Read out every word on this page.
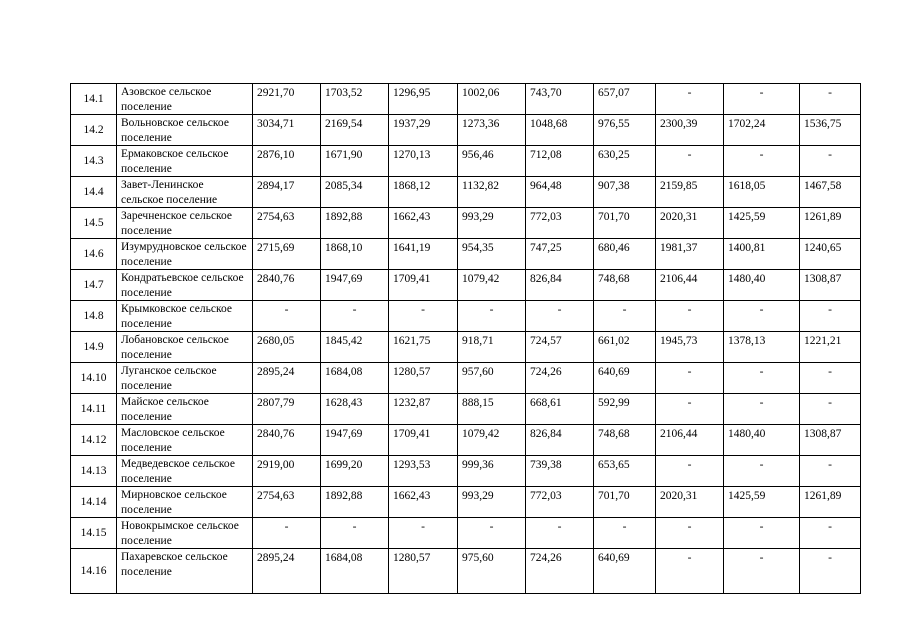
14.1	Азовское сельское поселение	2921,70	1703,52	1296,95	1002,06	743,70	657,07	-	-	-
14.2	Вольновское сельское поселение	3034,71	2169,54	1937,29	1273,36	1048,68	976,55	2300,39	1702,24	1536,75
14.3	Ермаковское сельское поселение	2876,10	1671,90	1270,13	956,46	712,08	630,25	-	-	-
14.4	Завет-Ленинское сельское поселение	2894,17	2085,34	1868,12	1132,82	964,48	907,38	2159,85	1618,05	1467,58
14.5	Заречненское сельское поселение	2754,63	1892,88	1662,43	993,29	772,03	701,70	2020,31	1425,59	1261,89
14.6	Изумрудновское сельское поселение	2715,69	1868,10	1641,19	954,35	747,25	680,46	1981,37	1400,81	1240,65
14.7	Кондратьевское сельское поселение	2840,76	1947,69	1709,41	1079,42	826,84	748,68	2106,44	1480,40	1308,87
14.8	Крымковское сельское поселение	-	-	-	-	-	-	-	-	-
14.9	Лобановское сельское поселение	2680,05	1845,42	1621,75	918,71	724,57	661,02	1945,73	1378,13	1221,21
14.10	Луганское сельское поселение	2895,24	1684,08	1280,57	957,60	724,26	640,69	-	-	-
14.11	Майское сельское поселение	2807,79	1628,43	1232,87	888,15	668,61	592,99	-	-	-
14.12	Масловское сельское поселение	2840,76	1947,69	1709,41	1079,42	826,84	748,68	2106,44	1480,40	1308,87
14.13	Медведевское сельское поселение	2919,00	1699,20	1293,53	999,36	739,38	653,65	-	-	-
14.14	Мирновское сельское поселение	2754,63	1892,88	1662,43	993,29	772,03	701,70	2020,31	1425,59	1261,89
14.15	Новокрымское сельское поселение	-	-	-	-	-	-	-	-	-
14.16	Пахаревское сельское поселение	2895,24	1684,08	1280,57	975,60	724,26	640,69	-	-	-
